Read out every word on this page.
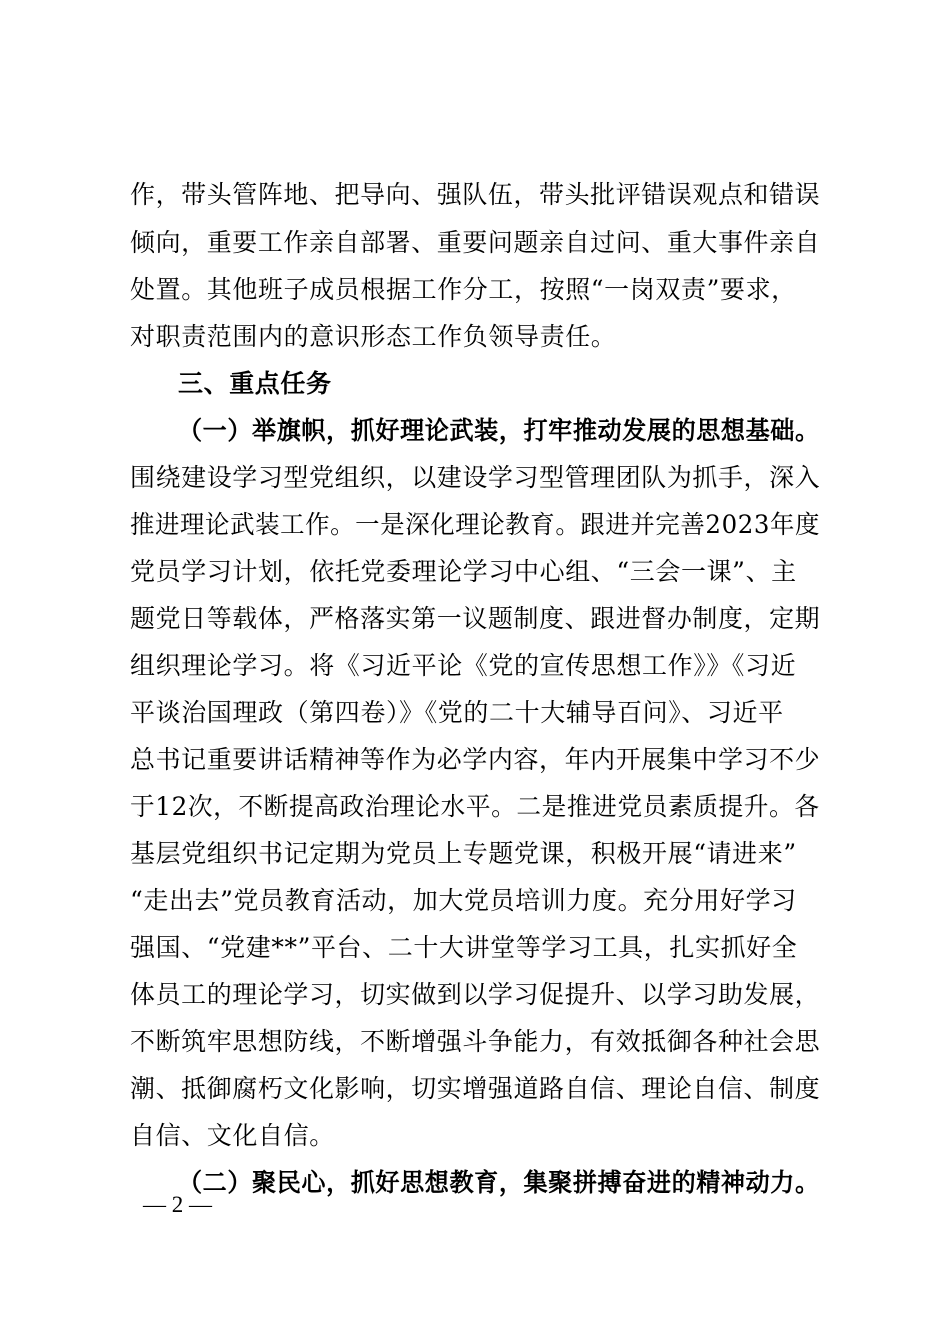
作，带头管阵地、把导向、强队伍，带头批评错误观点和错误
倾向，重要工作亲自部署、重要问题亲自过问、重大事件亲自
处置。其他班子成员根据工作分工，按照“一岗双责”要求，
对职责范围内的意识形态工作负领导责任。
三、重点任务
（一）举旗帜，抓好理论武装，打牢推动发展的思想基础。
围绕建设学习型党组织，以建设学习型管理团队为抓手，深入
推进理论武装工作。一是深化理论教育。跟进并完善2023年度
党员学习计划，依托党委理论学习中心组、“三会一课”、主
题党日等载体，严格落实第一议题制度、跟进督办制度，定期
组织理论学习。将《习近平论《党的宣传思想工作》》《习近
平谈治国理政（第四卷）》《党的二十大辅导百问》、习近平
总书记重要讲话精神等作为必学内容，年内开展集中学习不少
于12次，不断提高政治理论水平。二是推进党员素质提升。各
基层党组织书记定期为党员上专题党课，积极开展“请进来”
“走出去”党员教育活动，加大党员培训力度。充分用好学习
强国、“党建**”平台、二十大讲堂等学习工具，扎实抓好全
体员工的理论学习，切实做到以学习促提升、以学习助发展，
不断筑牢思想防线，不断增强斗争能力，有效抵御各种社会思
潮、抵御腐朽文化影响，切实增强道路自信、理论自信、制度
自信、文化自信。
（二）聚民心，抓好思想教育，集聚拼搏奋进的精神动力。
— 2 —
